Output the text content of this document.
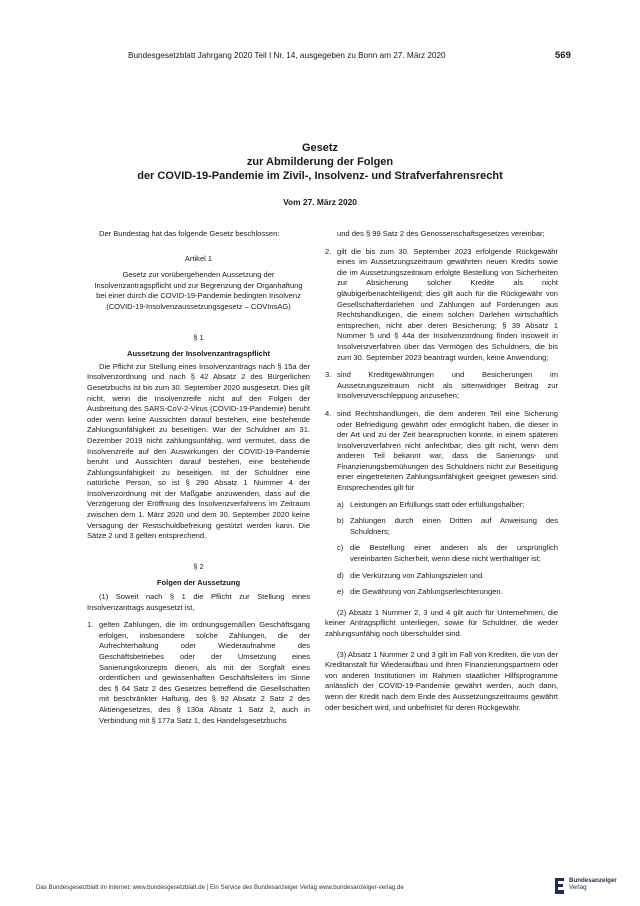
Bundesgesetzblatt Jahrgang 2020 Teil I Nr. 14, ausgegeben zu Bonn am 27. März 2020	569
Gesetz
zur Abmilderung der Folgen
der COVID-19-Pandemie im Zivil-, Insolvenz- und Strafverfahrensrecht
Vom 27. März 2020

Der Bundestag hat das folgende Gesetz beschlossen:

Artikel 1

Gesetz zur vorübergehenden Aussetzung der Insolvenzantragspflicht und zur Begrenzung der Organhaftung bei einer durch die COVID-19-Pandemie bedingten Insolvenz (COVID-19-Insolvenzaussetzungsgesetz – COVInsAG)

§ 1

Aussetzung der Insolvenzantragspflicht

Die Pflicht zur Stellung eines Insolvenzantrags nach § 15a der Insolvenzordnung und nach § 42 Absatz 2 des Bürgerlichen Gesetzbuchs ist bis zum 30. September 2020 ausgesetzt. Dies gilt nicht, wenn die Insolvenzreife nicht auf den Folgen der Ausbreitung des SARS-CoV-2-Virus (COVID-19-Pandemie) beruht oder wenn keine Aussichten darauf bestehen, eine bestehende Zahlungsunfähigkeit zu beseitigen. War der Schuldner am 31. Dezember 2019 nicht zahlungsunfähig, wird vermutet, dass die Insolvenzreife auf den Auswirkungen der COVID-19-Pandemie beruht und Aussichten darauf bestehen, eine bestehende Zahlungsunfähigkeit zu beseitigen. Ist der Schuldner eine natürliche Person, so ist § 290 Absatz 1 Nummer 4 der Insolvenzordnung mit der Maßgabe anzuwenden, dass auf die Verzögerung der Eröffnung des Insolvenzverfahrens im Zeitraum zwischen dem 1. März 2020 und dem 30. September 2020 keine Versagung der Restschuldbefreiung gestützt werden kann. Die Sätze 2 und 3 gelten entsprechend.

§ 2

Folgen der Aussetzung

(1) Soweit nach § 1 die Pflicht zur Stellung eines Insolvenzantrags ausgesetzt ist,

1. gelten Zahlungen, die im ordnungsgemäßen Geschäftsgang erfolgen, insbesondere solche Zahlungen, die der Aufrechterhaltung oder Wiederaufnahme des Geschäftsbetriebes oder der Umsetzung eines Sanierungskonzepts dienen, als mit der Sorgfalt eines ordentlichen und gewissenhaften Geschäftsleiters im Sinne des § 64 Satz 2 des Gesetzes betreffend die Gesellschaften mit beschränkter Haftung, des § 92 Absatz 2 Satz 2 des Aktiengesetzes, des § 130a Absatz 1 Satz 2, auch in Verbindung mit § 177a Satz 1, des Handelsgesetzbuchs

und des § 99 Satz 2 des Genossenschaftsgesetzes vereinbar;

2. gilt die bis zum 30. September 2023 erfolgende Rückgewähr eines im Aussetzungszeitraum gewährten neuen Kredits sowie die im Aussetzungszeitraum erfolgte Bestellung von Sicherheiten zur Absicherung solcher Kredite als nicht gläubigerbenachteiligend; dies gilt auch für die Rückgewähr von Gesellschafterdarlehen und Zahlungen auf Forderungen aus Rechtshandlungen, die einem solchen Darlehen wirtschaftlich entsprechen, nicht aber deren Besicherung; § 39 Absatz 1 Nummer 5 und § 44a der Insolvenzordnung finden insoweit in Insolvenzverfahren über das Vermögen des Schuldners, die bis zum 30. September 2023 beantragt wurden, keine Anwendung;
3. sind Kreditgewährungen und Besicherungen im Aussetzungszeitraum nicht als sittenwidriger Beitrag zur Insolvenzverschleppung anzusehen;
4. sind Rechtshandlungen, die dem anderen Teil eine Sicherung oder Befriedigung gewährt oder ermöglicht haben, die dieser in der Art und zu der Zeit beanspruchen konnte, in einem späteren Insolvenzverfahren nicht anfechtbar; dies gilt nicht, wenn dem anderen Teil bekannt war, dass die Sanierungs- und Finanzierungsbemühungen des Schuldners nicht zur Beseitigung einer eingetretenen Zahlungsunfähigkeit geeignet gewesen sind. Entsprechendes gilt für
a) Leistungen an Erfüllungs statt oder erfüllungshalber;
b) Zahlungen durch einen Dritten auf Anweisung des Schuldners;
c) die Bestellung einer anderen als der ursprünglich vereinbarten Sicherheit, wenn diese nicht werthaltiger ist;
d) die Verkürzung von Zahlungszielen und
e) die Gewährung von Zahlungserleichterungen.

(2) Absatz 1 Nummer 2, 3 und 4 gilt auch für Unternehmen, die keiner Antragspflicht unterliegen, sowie für Schuldner, die weder zahlungsunfähig noch überschuldet sind.

(3) Absatz 1 Nummer 2 und 3 gilt im Fall von Krediten, die von der Kreditanstalt für Wiederaufbau und ihren Finanzierungspartnern oder von anderen Institutionen im Rahmen staatlicher Hilfsprogramme anlässlich der COVID-19-Pandemie gewährt werden, auch dann, wenn der Kredit nach dem Ende des Aussetzungszeitraums gewährt oder besichert wird, und unbefristet für deren Rückgewähr.

Das Bundesgesetzblatt im Internet: www.bundesgesetzblatt.de | Ein Service des Bundesanzeiger Verlag www.bundesanzeiger-verlag.de
Bundesanzeiger
Verlag
